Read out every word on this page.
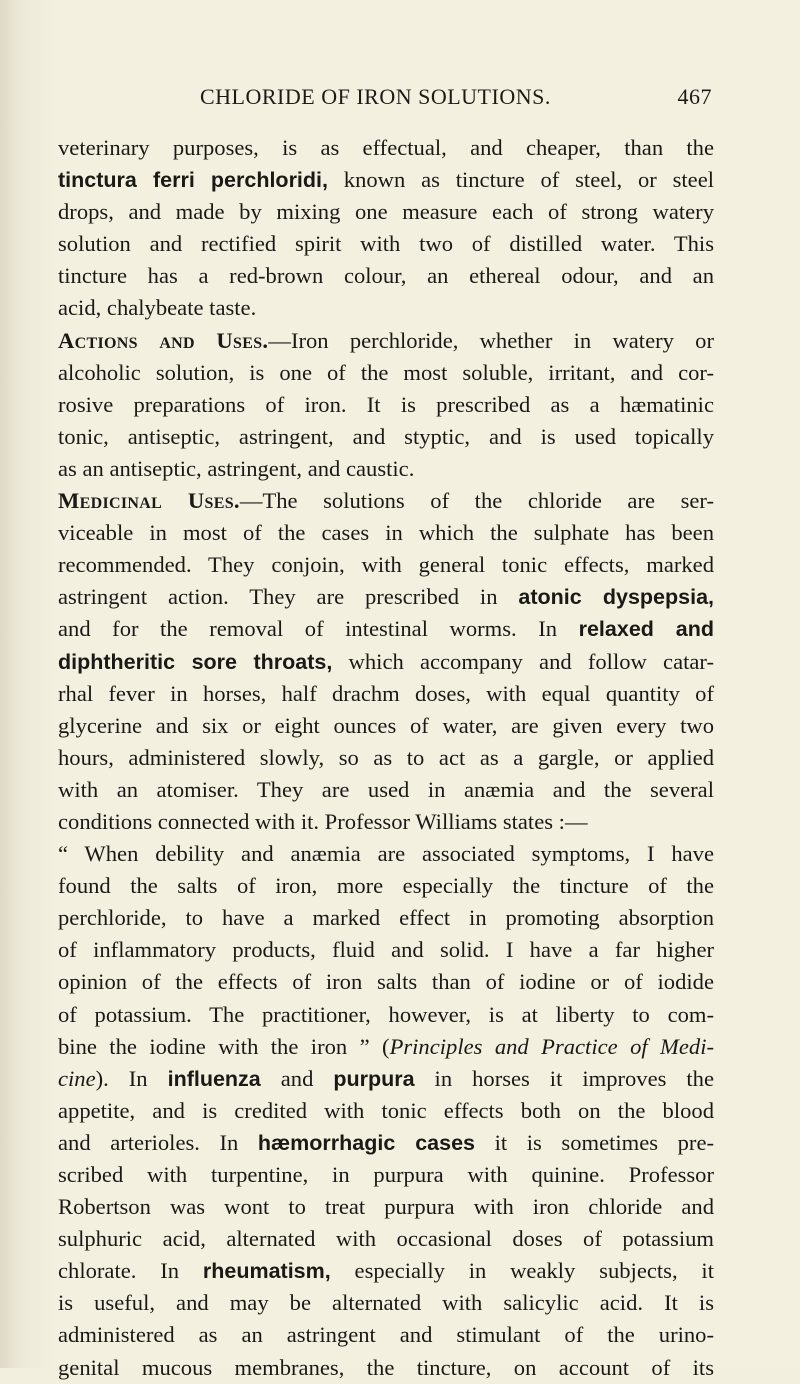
CHLORIDE OF IRON SOLUTIONS.	467
veterinary purposes, is as effectual, and cheaper, than the
tinctura ferri perchloridi, known as tincture of steel, or steel
drops, and made by mixing one measure each of strong watery
solution and rectified spirit with two of distilled water. This
tincture has a red-brown colour, an ethereal odour, and an
acid, chalybeate taste.
Actions and Uses.—Iron perchloride, whether in watery or
alcoholic solution, is one of the most soluble, irritant, and cor-
rosive preparations of iron. It is prescribed as a hæmatinic
tonic, antiseptic, astringent, and styptic, and is used topically
as an antiseptic, astringent, and caustic.
Medicinal Uses.—The solutions of the chloride are ser-
viceable in most of the cases in which the sulphate has been
recommended. They conjoin, with general tonic effects, marked
astringent action. They are prescribed in atonic dyspepsia,
and for the removal of intestinal worms. In relaxed and
diphtheritic sore throats, which accompany and follow catar-
rhal fever in horses, half drachm doses, with equal quantity of
glycerine and six or eight ounces of water, are given every two
hours, administered slowly, so as to act as a gargle, or applied
with an atomiser. They are used in anæmia and the several
conditions connected with it. Professor Williams states :—
“ When debility and anæmia are associated symptoms, I have
found the salts of iron, more especially the tincture of the
perchloride, to have a marked effect in promoting absorption
of inflammatory products, fluid and solid. I have a far higher
opinion of the effects of iron salts than of iodine or of iodide
of potassium. The practitioner, however, is at liberty to com-
bine the iodine with the iron ” (Principles and Practice of Medi-
cine). In influenza and purpura in horses it improves the
appetite, and is credited with tonic effects both on the blood
and arterioles. In hæmorrhagic cases it is sometimes pre-
scribed with turpentine, in purpura with quinine. Professor
Robertson was wont to treat purpura with iron chloride and
sulphuric acid, alternated with occasional doses of potassium
chlorate. In rheumatism, especially in weakly subjects, it
is useful, and may be alternated with salicylic acid. It is
administered as an astringent and stimulant of the urino-
genital mucous membranes, the tincture, on account of its
